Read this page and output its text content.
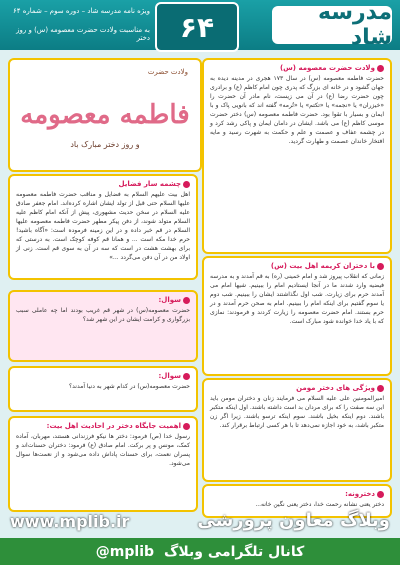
مدرسه شاد
۶۴
ویژه نامه مدرسه شاد – دوره سوم – شماره ۶۴
به مناسبت ولادت حضرت معصومه (س) و روز دختر
ولادت حضرت
فاطمه معصومه
و روز دختر مبارک باد
چشمه سار فضایل

اهل بیت علیهم السلام به فضایل و مناقب حضرت فاطمه معصومه علیها السلام حتی قبل از تولد ایشان اشاره کرده‌اند. امام جعفر صادق علیه السلام در سخن حدیث مشهوری، پیش از آنکه امام کاظم علیه السلام متولد شوند، از دفن پیکر مطهر حضرت فاطمه معصومه علیها السلام در قم خبر داده و در این زمینه فرموده است: «آگاه باشید! حرم خدا مکه است ... و همانا قم کوفه کوچک است. به درستی که برای بهشت هشت در است که سه در آن به سوی قم است. زنی از اولاد من در آن دفن می‌گردد ...»

سوال:

حضرت معصومه(س) در شهر قم غریب بودند اما چه عاملی سبب بزرگواری و کرامت ایشان در این شهر شد؟

سوال:

حضرت معصومه(س) در کدام شهر به دنیا آمدند؟

اهمیت جایگاه دختر در احادیث اهل بیت:

رسول خدا (ص) فرمود: دختر ها نیکو فرزندانی هستند، مهربان، آماده کمک، مونس و پر برکت. امام صادق (ع) فرمود: دختران حسنات‌اند و پسران نعمت، برای حسنات پاداش داده می‌شود و از نعمت‌ها سوال می‌شود.

ولادت حضرت معصومه (س)

حضرت فاطمه معصومه (س) در سال ۱۷۳ هجری در مدینه دیده به جهان گشود و در خانه ای بزرگ که پدری چون امام کاظم (ع) و برادری چون حضرت رضا (ع) در آن می زیست، نام مادر آن حضرت را «خیزران» یا «نجمه» یا «تکتم» یا «تُرمه» گفته اند که بانویی پاک و با ایمان و بسیار با تقوا بود. حضرت فاطمه معصومه (س) دختر حضرت موسی کاظم (ع) می باشد. ایشان در دامان ایمان و پاکی رشد کرد و در چشمه عفاف و عصمت و علم و حکمت به شهرت رسید و مایه افتخار خاندان عصمت و طهارت گردید.

با دختران کریمه اهل بیت (س)

زمانی که انقلاب پیروز شد و امام خمینی (ره) به قم آمدند و به مدرسه فیضیه وارد شدند ما در آنجا ایستادیم امام را ببینیم. شیها امام می آمدند حرم برای زیارت. شب اول نگذاشتند ایشان را ببینیم. شب دوم یا سوم گفتیم برای اینکه امام را ببینیم. امام به صحن حرم آمدند و در حرم بستند. امام حضرت معصومه را زیارت کردند و فرمودند: نمازی که با یاد خدا خوانده شود مبارک است.

ویژگی های دختر مومن

امیرالمومنین علی علیه السلام می فرمایند زنان و دختران مومن باید این سه صفت را که برای مردان بد است داشته باشند. اول اینکه متکبر باشند. دوم اینکه بخیل باشند. سوم اینکه ترسو باشند. زیرا اگر زن متکبر باشد، به خود اجازه نمی‌دهد تا با هر کسی ارتباط برقرار کند.

دخترونه:

دختر یعنی نشانه رحمت خدا، دختر یعنی نگین خانه...

www.mplib.ir	وبلاگ معاون پرورشی
کانال تلگرامی وبلاگ
@mplib
